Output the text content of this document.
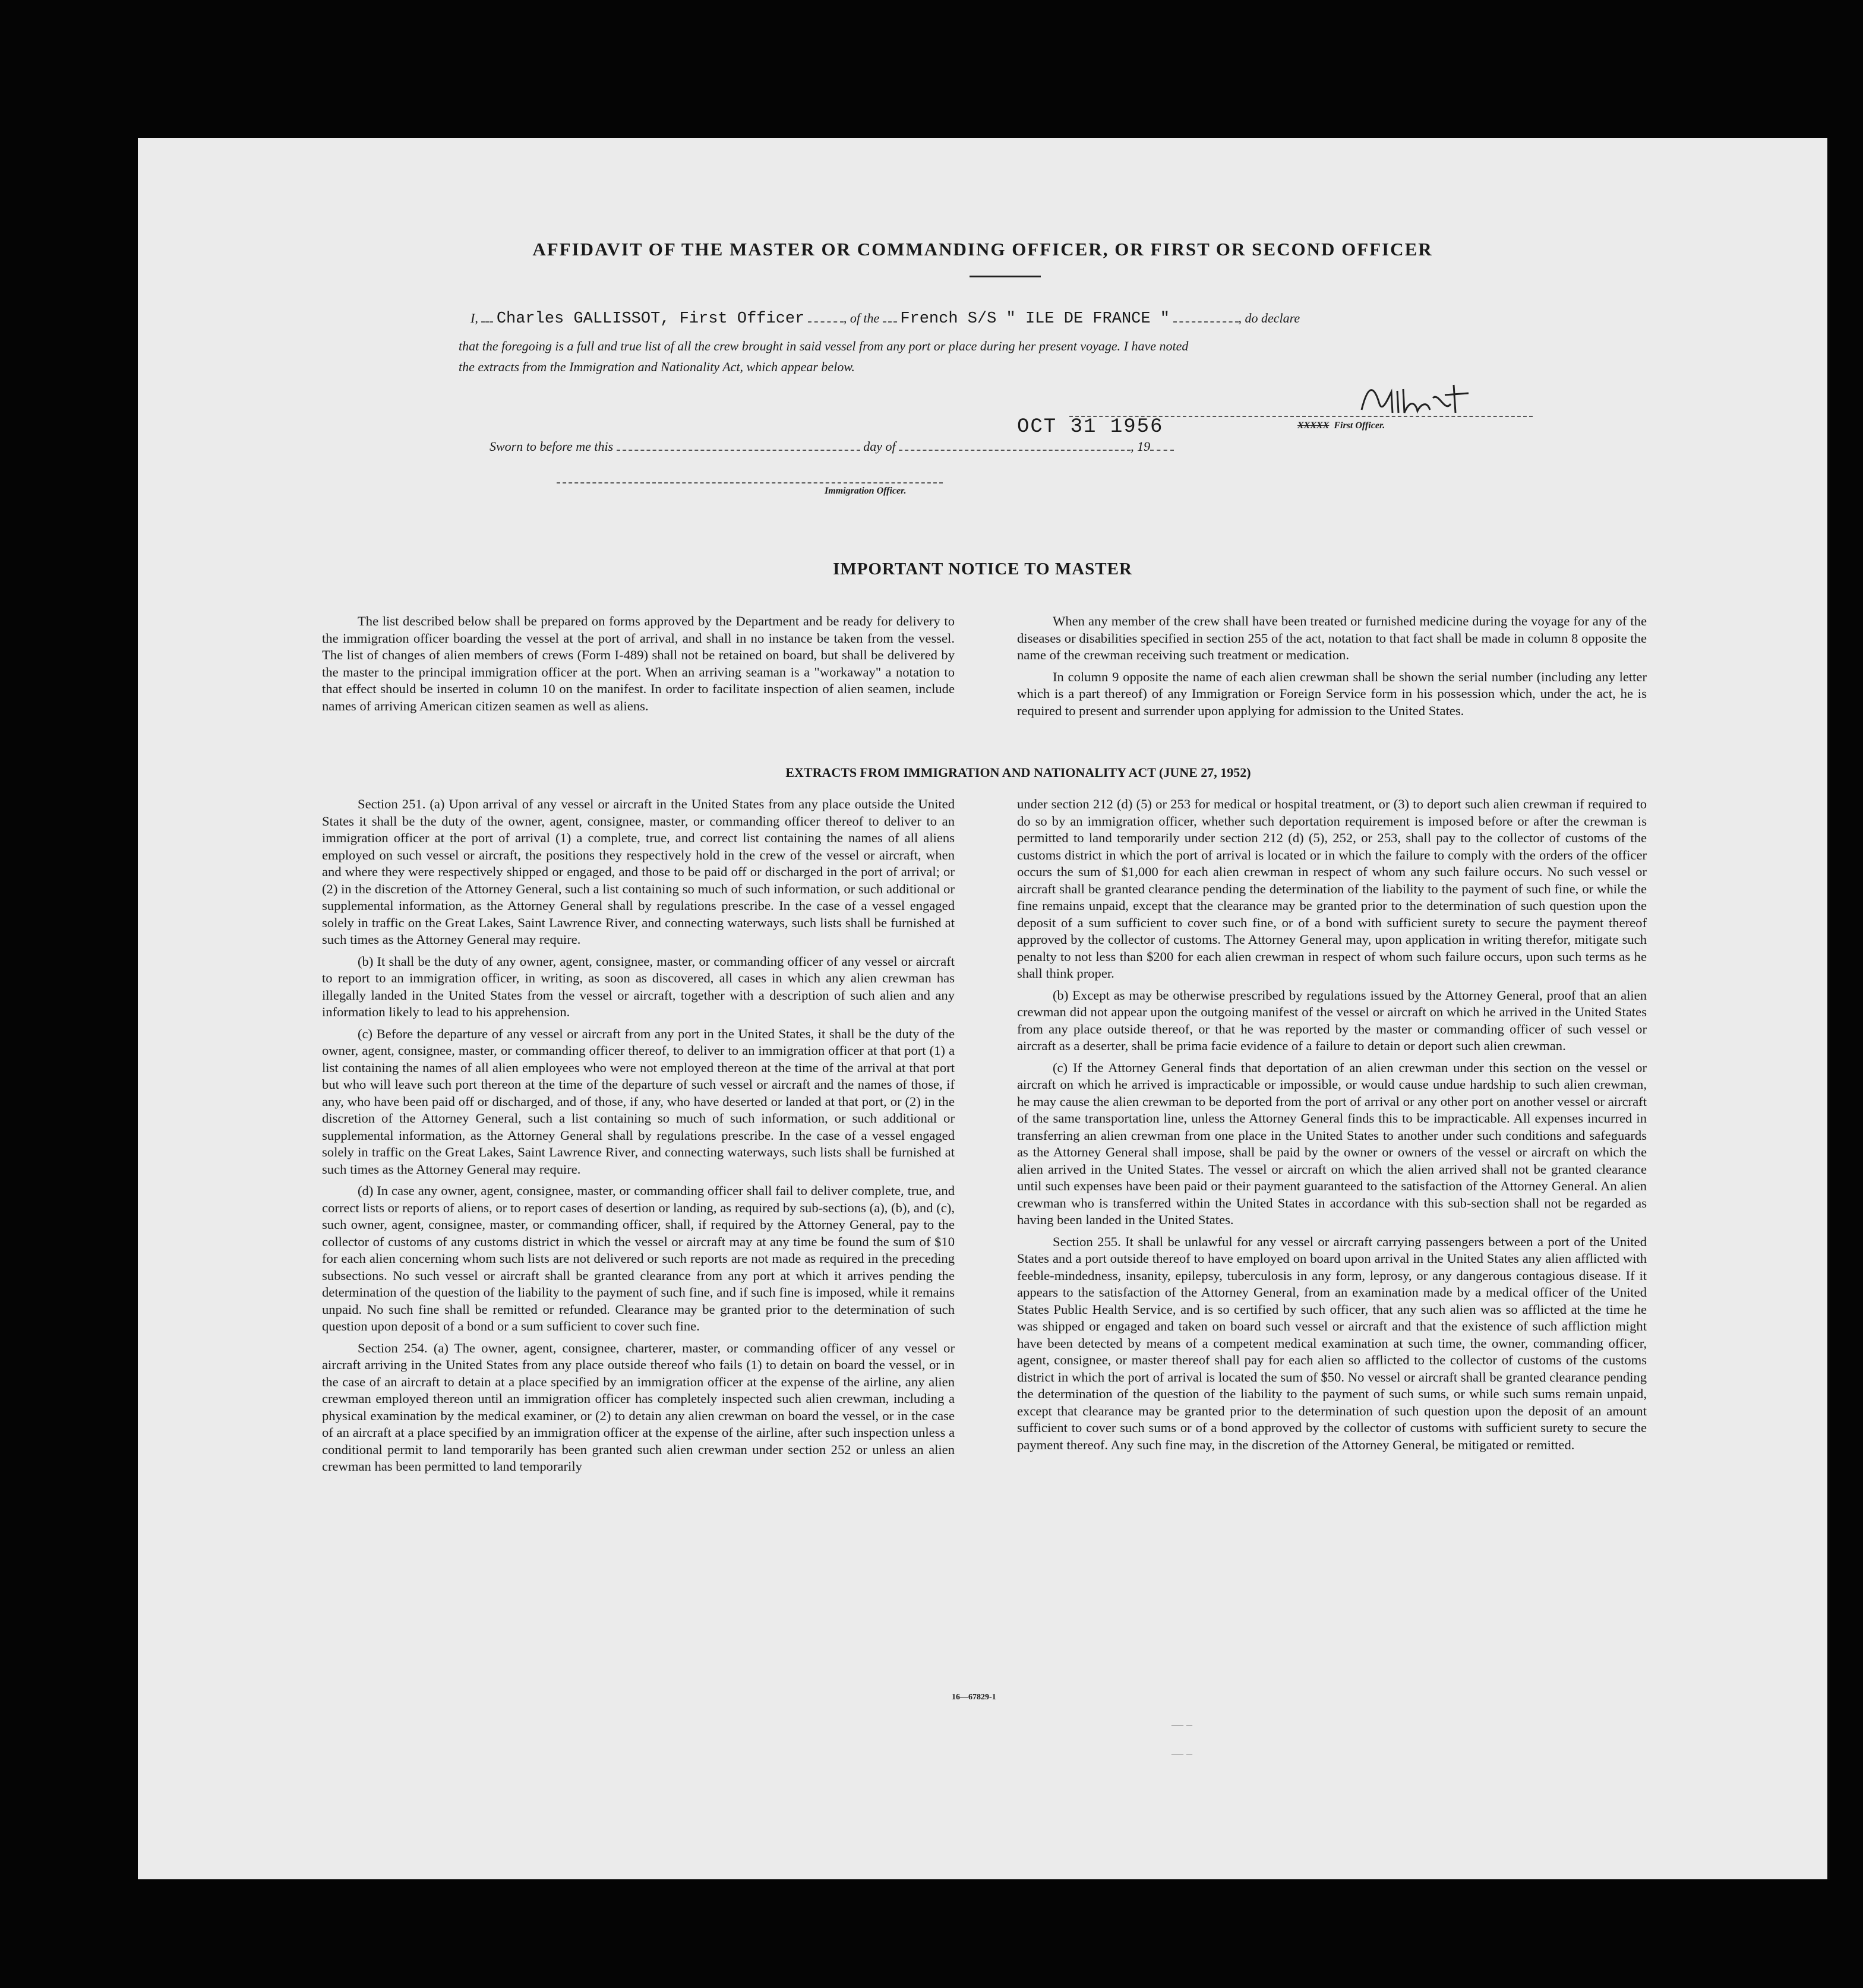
AFFIDAVIT OF THE MASTER OR COMMANDING OFFICER, OR FIRST OR SECOND OFFICER
I, Charles GALLISSOT, First Officer	, of the French S/S " ILE DE FRANCE "	, do declare
that the foregoing is a full and true list of all the crew brought in said vessel from any port or place during her present voyage. I have noted
the extracts from the Immigration and Nationality Act, which appear below.
OCT 31 1956
Sworn to before me this	day of	, 19
XXXXX First Officer.
Immigration Officer.
IMPORTANT NOTICE TO MASTER

The list described below shall be prepared on forms approved by the Department and be ready for delivery to the immigration officer boarding the vessel at the port of arrival, and shall in no instance be taken from the vessel. The list of changes of alien members of crews (Form I-489) shall not be retained on board, but shall be delivered by the master to the principal immigration officer at the port. When an arriving seaman is a "workaway" a notation to that effect should be inserted in column 10 on the manifest. In order to facilitate inspection of alien seamen, include names of arriving American citizen seamen as well as aliens.

When any member of the crew shall have been treated or furnished medicine during the voyage for any of the diseases or disabilities specified in section 255 of the act, notation to that fact shall be made in column 8 opposite the name of the crewman receiving such treatment or medication.

In column 9 opposite the name of each alien crewman shall be shown the serial number (including any letter which is a part thereof) of any Immigration or Foreign Service form in his possession which, under the act, he is required to present and surrender upon applying for admission to the United States.

EXTRACTS FROM IMMIGRATION AND NATIONALITY ACT (JUNE 27, 1952)

Section 251. (a) Upon arrival of any vessel or aircraft in the United States from any place outside the United States it shall be the duty of the owner, agent, consignee, master, or commanding officer thereof to deliver to an immigration officer at the port of arrival (1) a complete, true, and correct list containing the names of all aliens employed on such vessel or aircraft, the positions they respectively hold in the crew of the vessel or aircraft, when and where they were respectively shipped or engaged, and those to be paid off or discharged in the port of arrival; or (2) in the discretion of the Attorney General, such a list containing so much of such information, or such additional or supplemental information, as the Attorney General shall by regulations prescribe. In the case of a vessel engaged solely in traffic on the Great Lakes, Saint Lawrence River, and connecting waterways, such lists shall be furnished at such times as the Attorney General may require.

(b) It shall be the duty of any owner, agent, consignee, master, or commanding officer of any vessel or aircraft to report to an immigration officer, in writing, as soon as discovered, all cases in which any alien crewman has illegally landed in the United States from the vessel or aircraft, together with a description of such alien and any information likely to lead to his apprehension.

(c) Before the departure of any vessel or aircraft from any port in the United States, it shall be the duty of the owner, agent, consignee, master, or commanding officer thereof, to deliver to an immigration officer at that port (1) a list containing the names of all alien employees who were not employed thereon at the time of the arrival at that port but who will leave such port thereon at the time of the departure of such vessel or aircraft and the names of those, if any, who have been paid off or discharged, and of those, if any, who have deserted or landed at that port, or (2) in the discretion of the Attorney General, such a list containing so much of such information, or such additional or supplemental information, as the Attorney General shall by regulations prescribe. In the case of a vessel engaged solely in traffic on the Great Lakes, Saint Lawrence River, and connecting waterways, such lists shall be furnished at such times as the Attorney General may require.

(d) In case any owner, agent, consignee, master, or commanding officer shall fail to deliver complete, true, and correct lists or reports of aliens, or to report cases of desertion or landing, as required by sub-sections (a), (b), and (c), such owner, agent, consignee, master, or commanding officer, shall, if required by the Attorney General, pay to the collector of customs of any customs district in which the vessel or aircraft may at any time be found the sum of $10 for each alien concerning whom such lists are not delivered or such reports are not made as required in the preceding subsections. No such vessel or aircraft shall be granted clearance from any port at which it arrives pending the determination of the question of the liability to the payment of such fine, and if such fine is imposed, while it remains unpaid. No such fine shall be remitted or refunded. Clearance may be granted prior to the determination of such question upon deposit of a bond or a sum sufficient to cover such fine.

Section 254. (a) The owner, agent, consignee, charterer, master, or commanding officer of any vessel or aircraft arriving in the United States from any place outside thereof who fails (1) to detain on board the vessel, or in the case of an aircraft to detain at a place specified by an immigration officer at the expense of the airline, any alien crewman employed thereon until an immigration officer has completely inspected such alien crewman, including a physical examination by the medical examiner, or (2) to detain any alien crewman on board the vessel, or in the case of an aircraft at a place specified by an immigration officer at the expense of the airline, after such inspection unless a conditional permit to land temporarily has been granted such alien crewman under section 252 or unless an alien crewman has been permitted to land temporarily

under section 212 (d) (5) or 253 for medical or hospital treatment, or (3) to deport such alien crewman if required to do so by an immigration officer, whether such deportation requirement is imposed before or after the crewman is permitted to land temporarily under section 212 (d) (5), 252, or 253, shall pay to the collector of customs of the customs district in which the port of arrival is located or in which the failure to comply with the orders of the officer occurs the sum of $1,000 for each alien crewman in respect of whom any such failure occurs. No such vessel or aircraft shall be granted clearance pending the determination of the liability to the payment of such fine, or while the fine remains unpaid, except that the clearance may be granted prior to the determination of such question upon the deposit of a sum sufficient to cover such fine, or of a bond with sufficient surety to secure the payment thereof approved by the collector of customs. The Attorney General may, upon application in writing therefor, mitigate such penalty to not less than $200 for each alien crewman in respect of whom such failure occurs, upon such terms as he shall think proper.

(b) Except as may be otherwise prescribed by regulations issued by the Attorney General, proof that an alien crewman did not appear upon the outgoing manifest of the vessel or aircraft on which he arrived in the United States from any place outside thereof, or that he was reported by the master or commanding officer of such vessel or aircraft as a deserter, shall be prima facie evidence of a failure to detain or deport such alien crewman.

(c) If the Attorney General finds that deportation of an alien crewman under this section on the vessel or aircraft on which he arrived is impracticable or impossible, or would cause undue hardship to such alien crewman, he may cause the alien crewman to be deported from the port of arrival or any other port on another vessel or aircraft of the same transportation line, unless the Attorney General finds this to be impracticable. All expenses incurred in transferring an alien crewman from one place in the United States to another under such conditions and safeguards as the Attorney General shall impose, shall be paid by the owner or owners of the vessel or aircraft on which the alien arrived in the United States. The vessel or aircraft on which the alien arrived shall not be granted clearance until such expenses have been paid or their payment guaranteed to the satisfaction of the Attorney General. An alien crewman who is transferred within the United States in accordance with this sub-section shall not be regarded as having been landed in the United States.

Section 255. It shall be unlawful for any vessel or aircraft carrying passengers between a port of the United States and a port outside thereof to have employed on board upon arrival in the United States any alien afflicted with feeble-mindedness, insanity, epilepsy, tuberculosis in any form, leprosy, or any dangerous contagious disease. If it appears to the satisfaction of the Attorney General, from an examination made by a medical officer of the United States Public Health Service, and is so certified by such officer, that any such alien was so afflicted at the time he was shipped or engaged and taken on board such vessel or aircraft and that the existence of such affliction might have been detected by means of a competent medical examination at such time, the owner, commanding officer, agent, consignee, or master thereof shall pay for each alien so afflicted to the collector of customs of the customs district in which the port of arrival is located the sum of $50. No vessel or aircraft shall be granted clearance pending the determination of the question of the liability to the payment of such sums, or while such sums remain unpaid, except that clearance may be granted prior to the determination of such question upon the deposit of an amount sufficient to cover such sums or of a bond approved by the collector of customs with sufficient surety to secure the payment thereof. Any such fine may, in the discretion of the Attorney General, be mitigated or remitted.

16—67829-1
–– –
–– –
